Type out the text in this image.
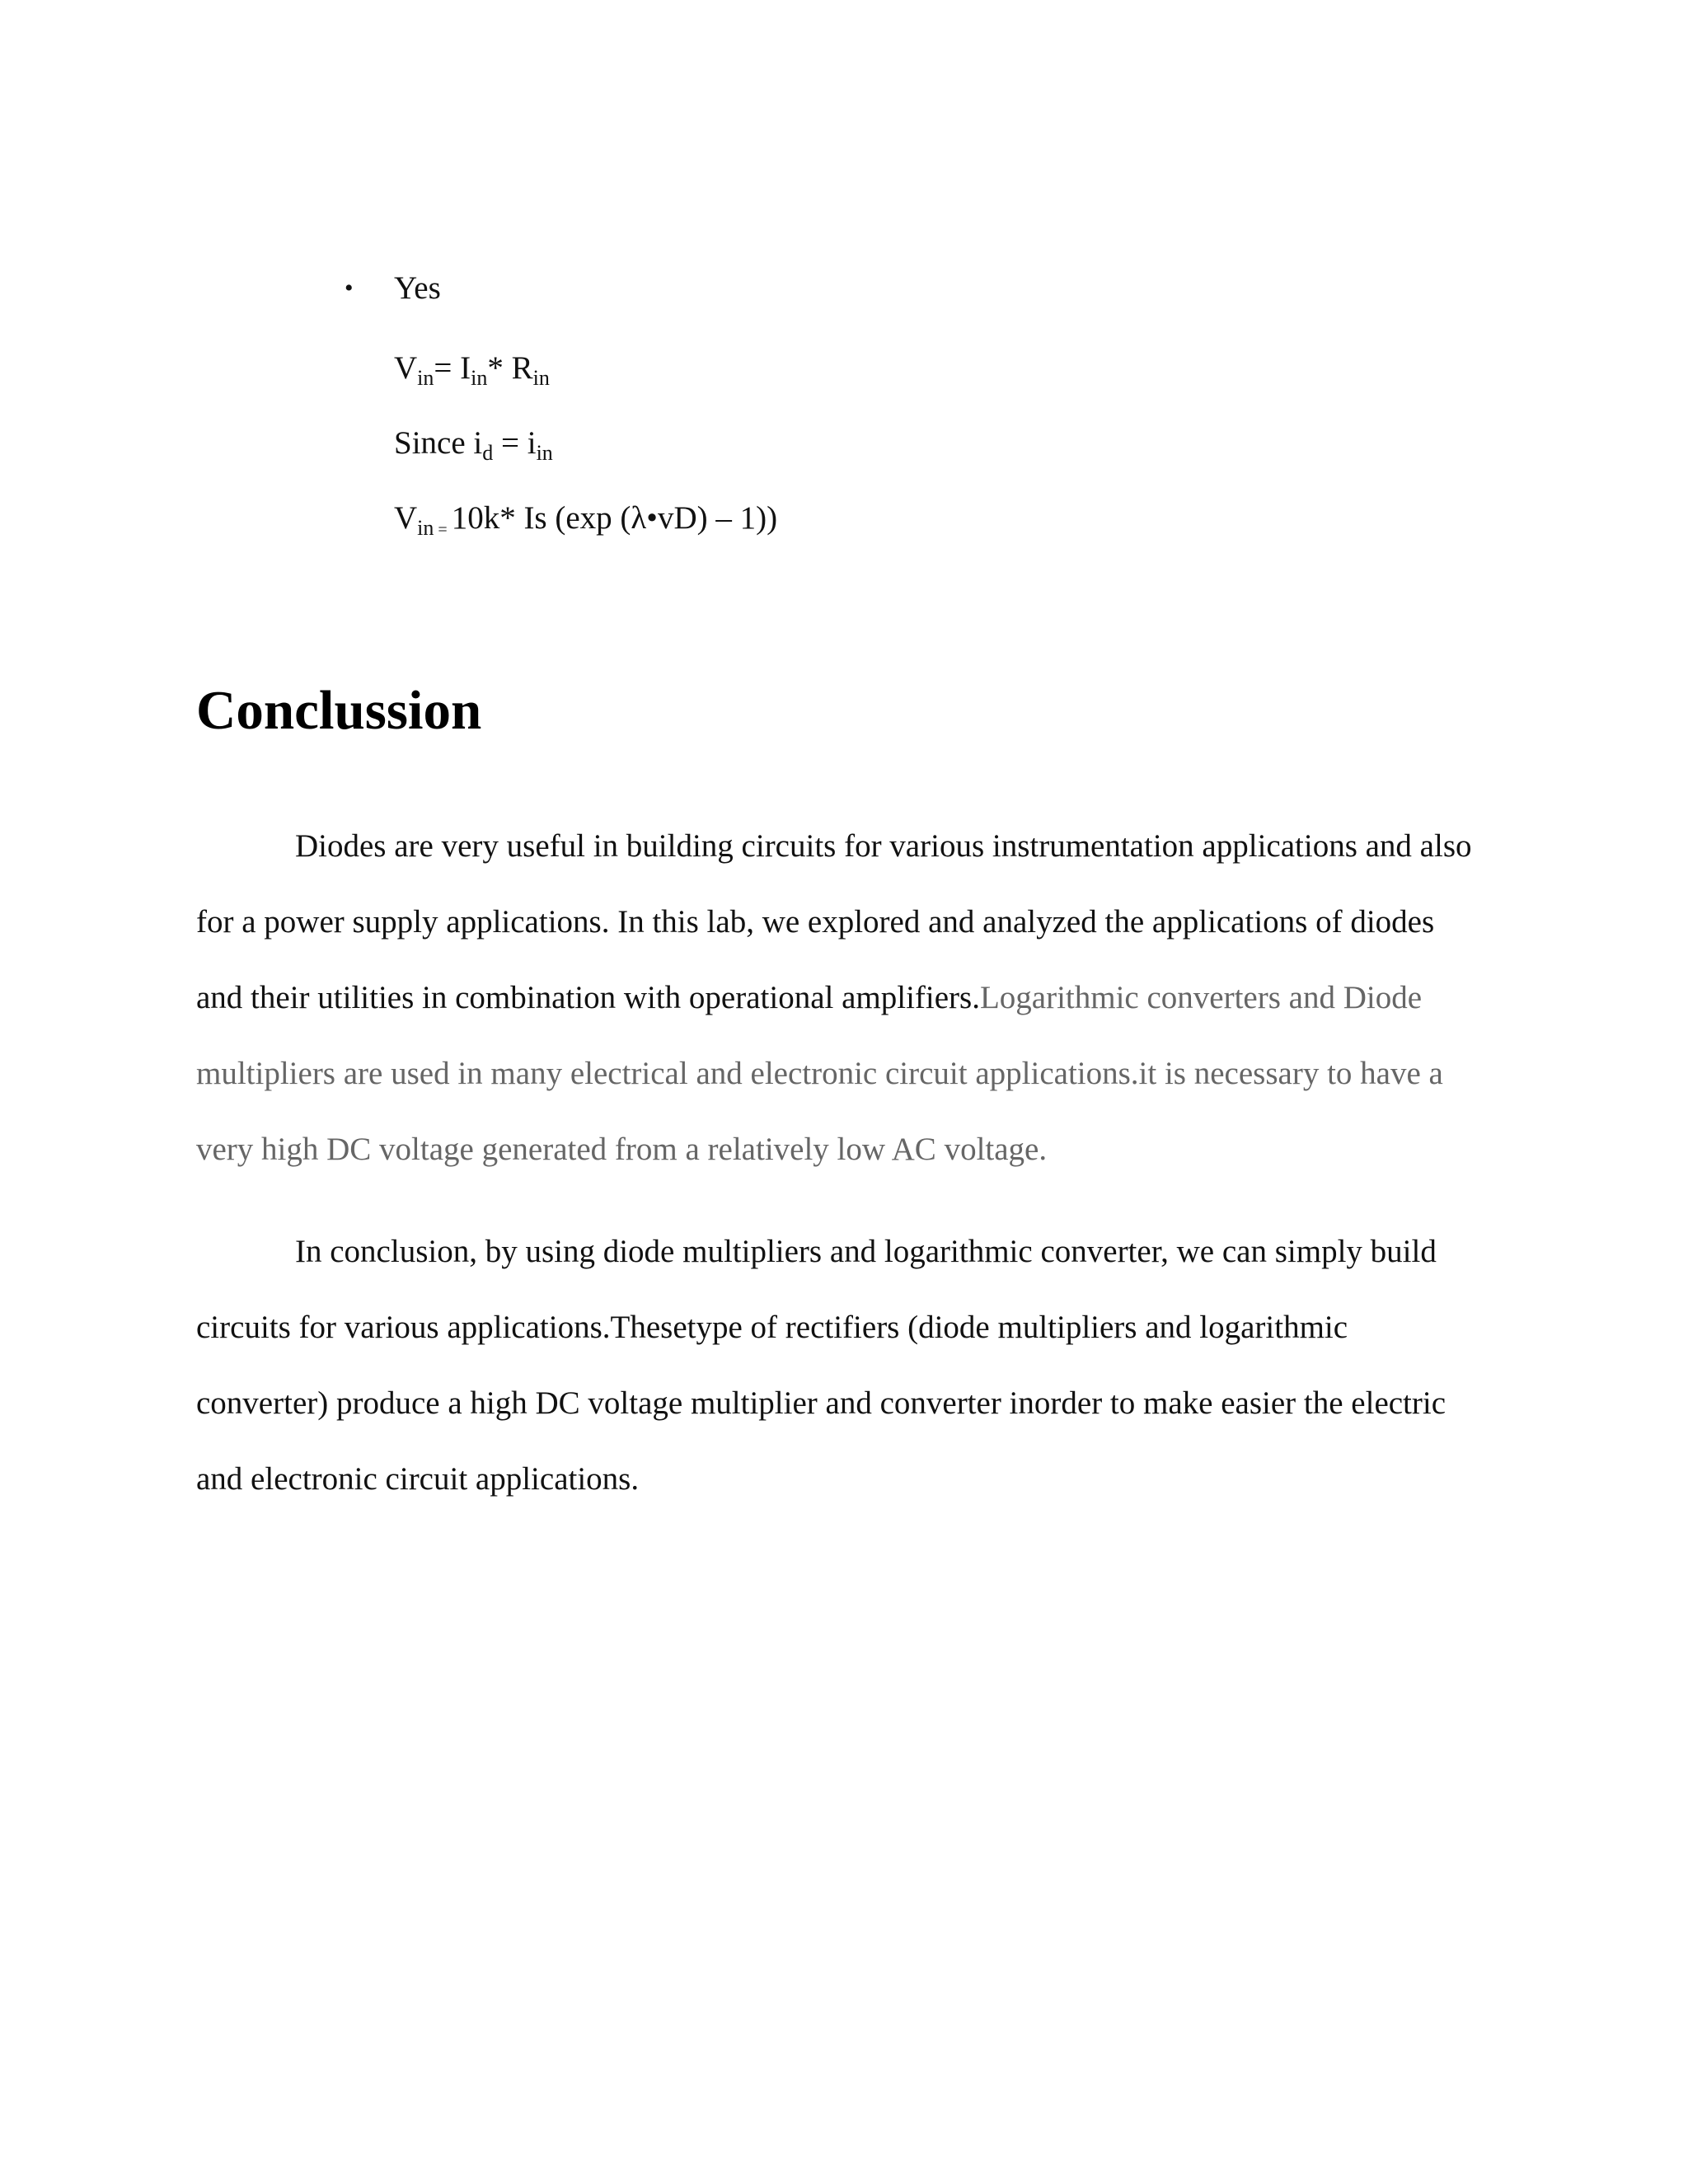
• Yes
$V_{in}= I_{in}*$ $R_{in}$
Since $i_d = i_{in}$
$V_{in}$ $_=$ 10k* Is (exp (λ•vD) – 1))
Conclussion

Diodes are very useful in building circuits for various instrumentation applications and also for a power supply applications. In this lab, we explored and analyzed the applications of diodes and their utilities in combination with operational amplifiers.Logarithmic converters and Diode multipliers are used in many electrical and electronic circuit applications.it is necessary to have a very high DC voltage generated from a relatively low AC voltage.

In conclusion, by using diode multipliers and logarithmic converter, we can simply build circuits for various applications.Thesetype of rectifiers (diode multipliers and logarithmic converter) produce a high DC voltage multiplier and converter inorder to make easier the electric and electronic circuit applications.
